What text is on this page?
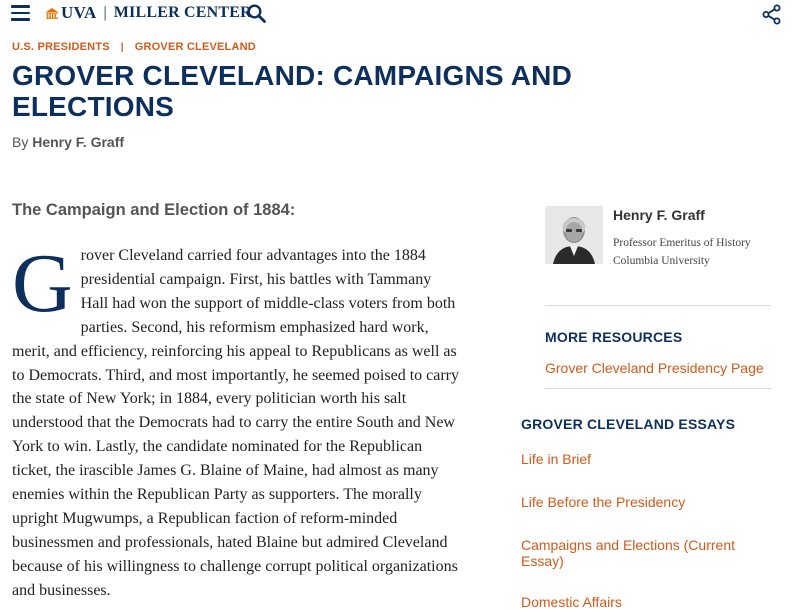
UVA | MILLER CENTER
U.S. PRESIDENTS | GROVER CLEVELAND
GROVER CLEVELAND: CAMPAIGNS AND ELECTIONS
By Henry F. Graff
The Campaign and Election of 1884:
G rover Cleveland carried four advantages into the 1884 presidential campaign. First, his battles with Tammany Hall had won the support of middle-class voters from both parties. Second, his reformism emphasized hard work, merit, and efficiency, reinforcing his appeal to Republicans as well as to Democrats. Third, and most importantly, he seemed poised to carry the state of New York; in 1884, every politician worth his salt understood that the Democrats had to carry the entire South and New York to win. Lastly, the candidate nominated for the Republican ticket, the irascible James G. Blaine of Maine, had almost as many enemies within the Republican Party as supporters. The morally upright Mugwumps, a Republican faction of reform-minded businessmen and professionals, hated Blaine but admired Cleveland because of his willingness to challenge corrupt political organizations and businesses.
Henry F. Graff
Professor Emeritus of History
Columbia University
MORE RESOURCES
Grover Cleveland Presidency Page
GROVER CLEVELAND ESSAYS
Life in Brief
Life Before the Presidency
Campaigns and Elections (Current Essay)
Domestic Affairs
